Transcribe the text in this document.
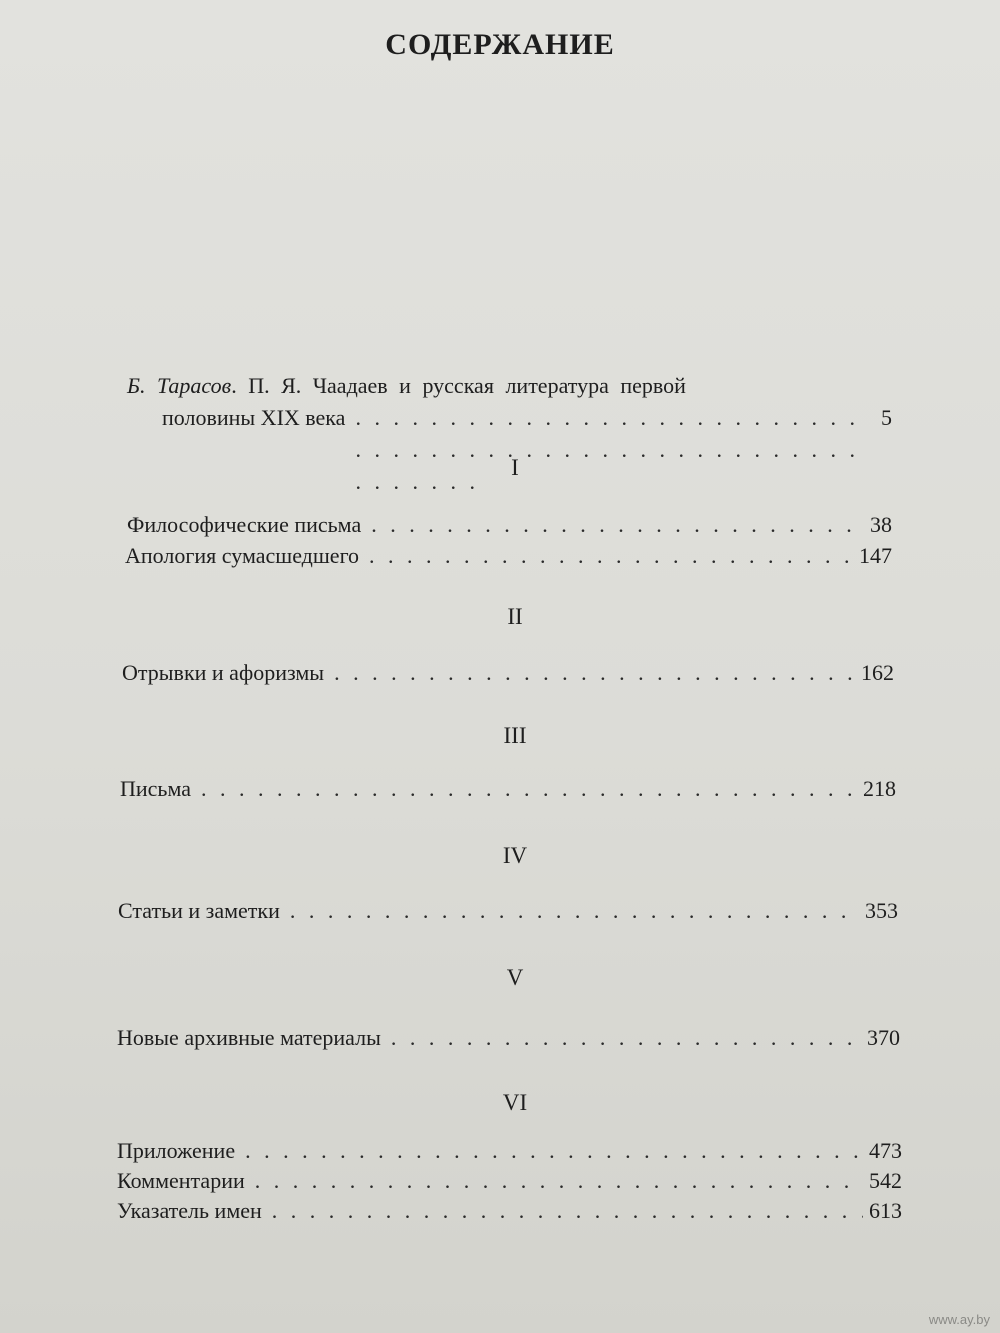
СОДЕРЖАНИЕ
Б. Тарасов. П. Я. Чаадаев и русская литература первой
половины XIX века . . .	5
I
Философические письма . . .	38
Апология сумасшедшего . . .	147
II
Отрывки и афоризмы . . .	162
III
Письма . . .	218
IV
Статьи и заметки . . .	353
V
Новые архивные материалы . . .	370
VI
Приложение . . .	473
Комментарии . . .	542
Указатель имен . . .	613
www.ay.by
